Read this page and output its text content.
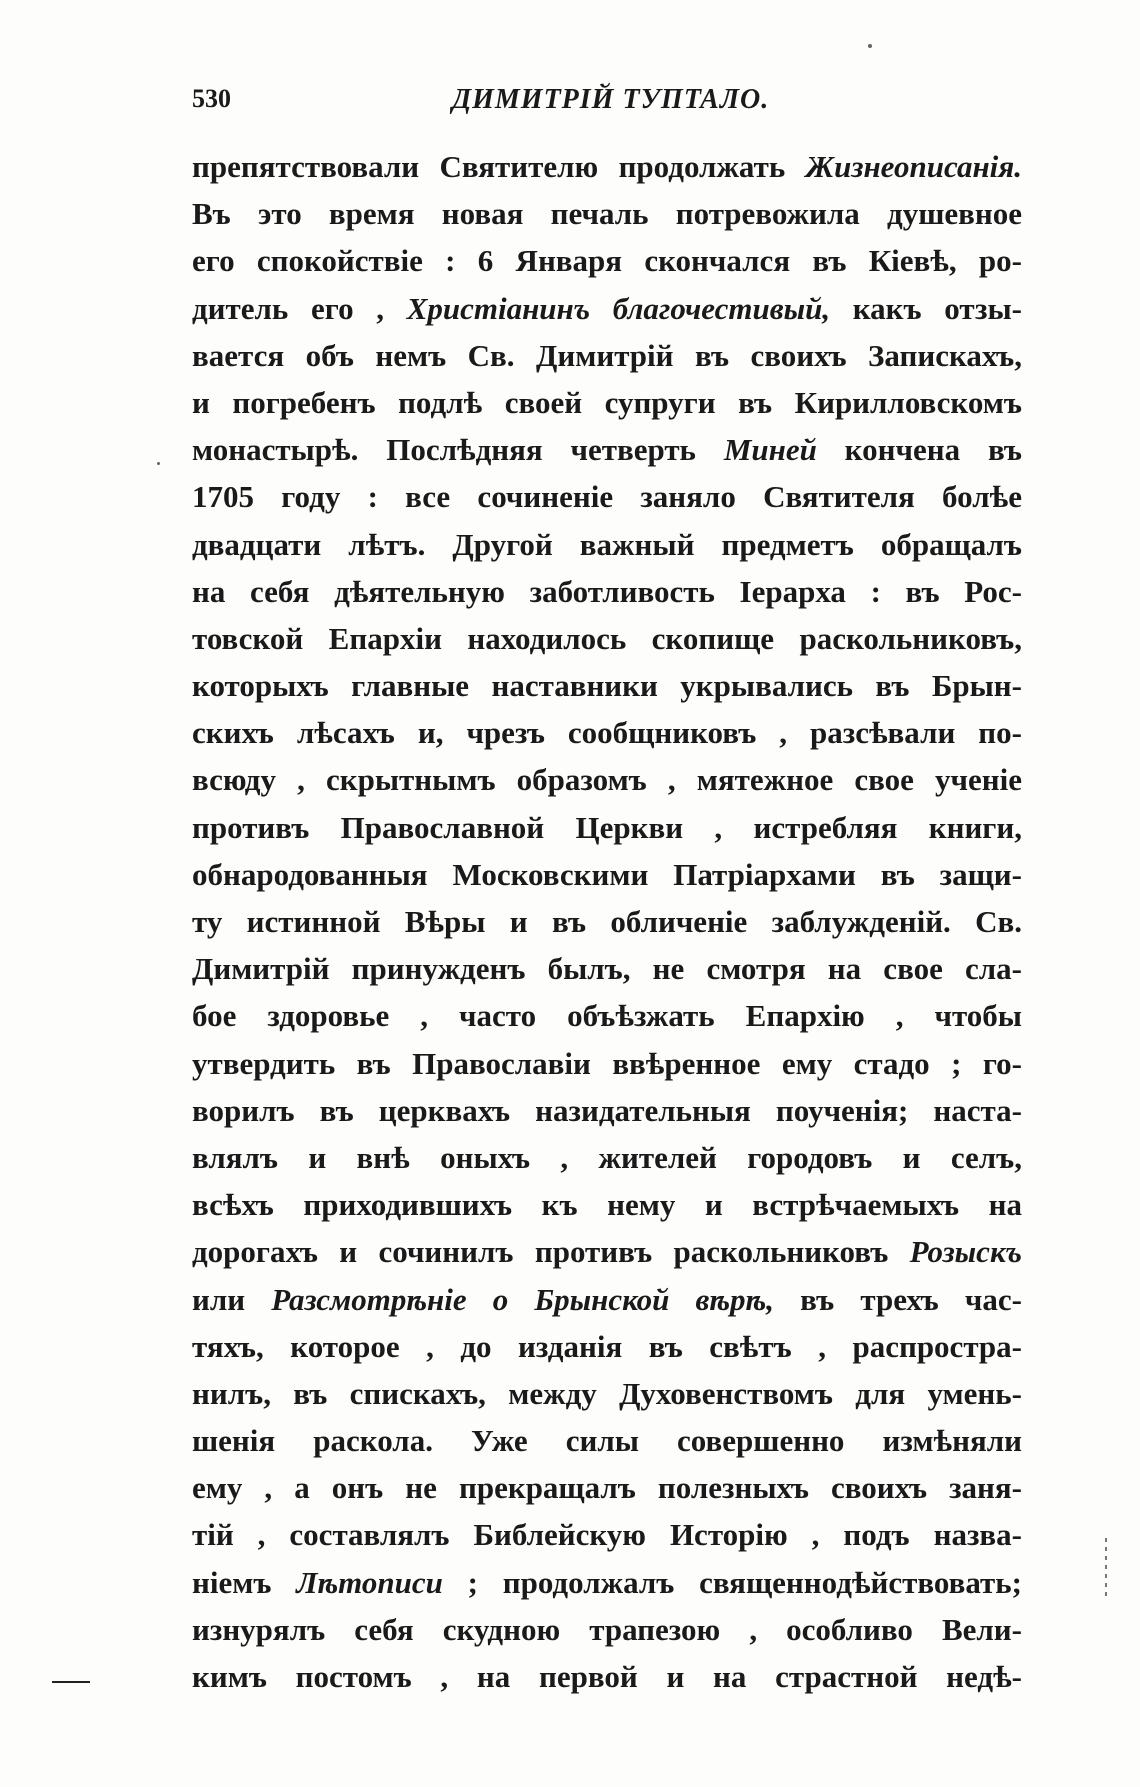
530	ДИМИТРІЙ ТУПТАЛО.
препятствовали Святителю продолжать Жизнеописанія.
Въ это время новая печаль потревожила душевное
его спокойствіе : 6 Января скончался въ Кіевѣ, ро-
дитель его , Христіанинъ благочестивый, какъ отзы-
вается объ немъ Св. Димитрій въ своихъ Запискахъ,
и погребенъ подлѣ своей супруги въ Кирилловскомъ
монастырѣ. Послѣдняя четверть Миней кончена въ
1705 году : все сочиненіе заняло Святителя болѣе
двадцати лѣтъ. Другой важный предметъ обращалъ
на себя дѣятельную заботливость Іерарха : въ Рос-
товской Епархіи находилось скопище раскольниковъ,
которыхъ главные наставники укрывались въ Брын-
скихъ лѣсахъ и, чрезъ сообщниковъ , разсѣвали по-
всюду , скрытнымъ образомъ , мятежное свое ученіе
противъ Православной Церкви , истребляя книги,
обнародованныя Московскими Патріархами въ защи-
ту истинной Вѣры и въ обличеніе заблужденій. Св.
Димитрій принужденъ былъ, не смотря на свое сла-
бое здоровье , часто объѣзжать Епархію , чтобы
утвердить въ Православіи ввѣренное ему стадо ; го-
ворилъ въ церквахъ назидательныя поученія; наста-
влялъ и внѣ оныхъ , жителей городовъ и селъ,
всѣхъ приходившихъ къ нему и встрѣчаемыхъ на
дорогахъ и сочинилъ противъ раскольниковъ Розыскъ
или Разсмотрѣніе о Брынской вѣрѣ, въ трехъ час-
тяхъ, которое , до изданія въ свѣтъ , распростра-
нилъ, въ спискахъ, между Духовенствомъ для умень-
шенія раскола. Уже силы совершенно измѣняли
ему , а онъ не прекращалъ полезныхъ своихъ заня-
тій , составлялъ Библейскую Исторію , подъ назва-
ніемъ Лѣтописи ; продолжалъ священнодѣйствовать;
изнурялъ себя скудною трапезою , особливо Вели-
кимъ постомъ , на первой и на страстной недѣ-
